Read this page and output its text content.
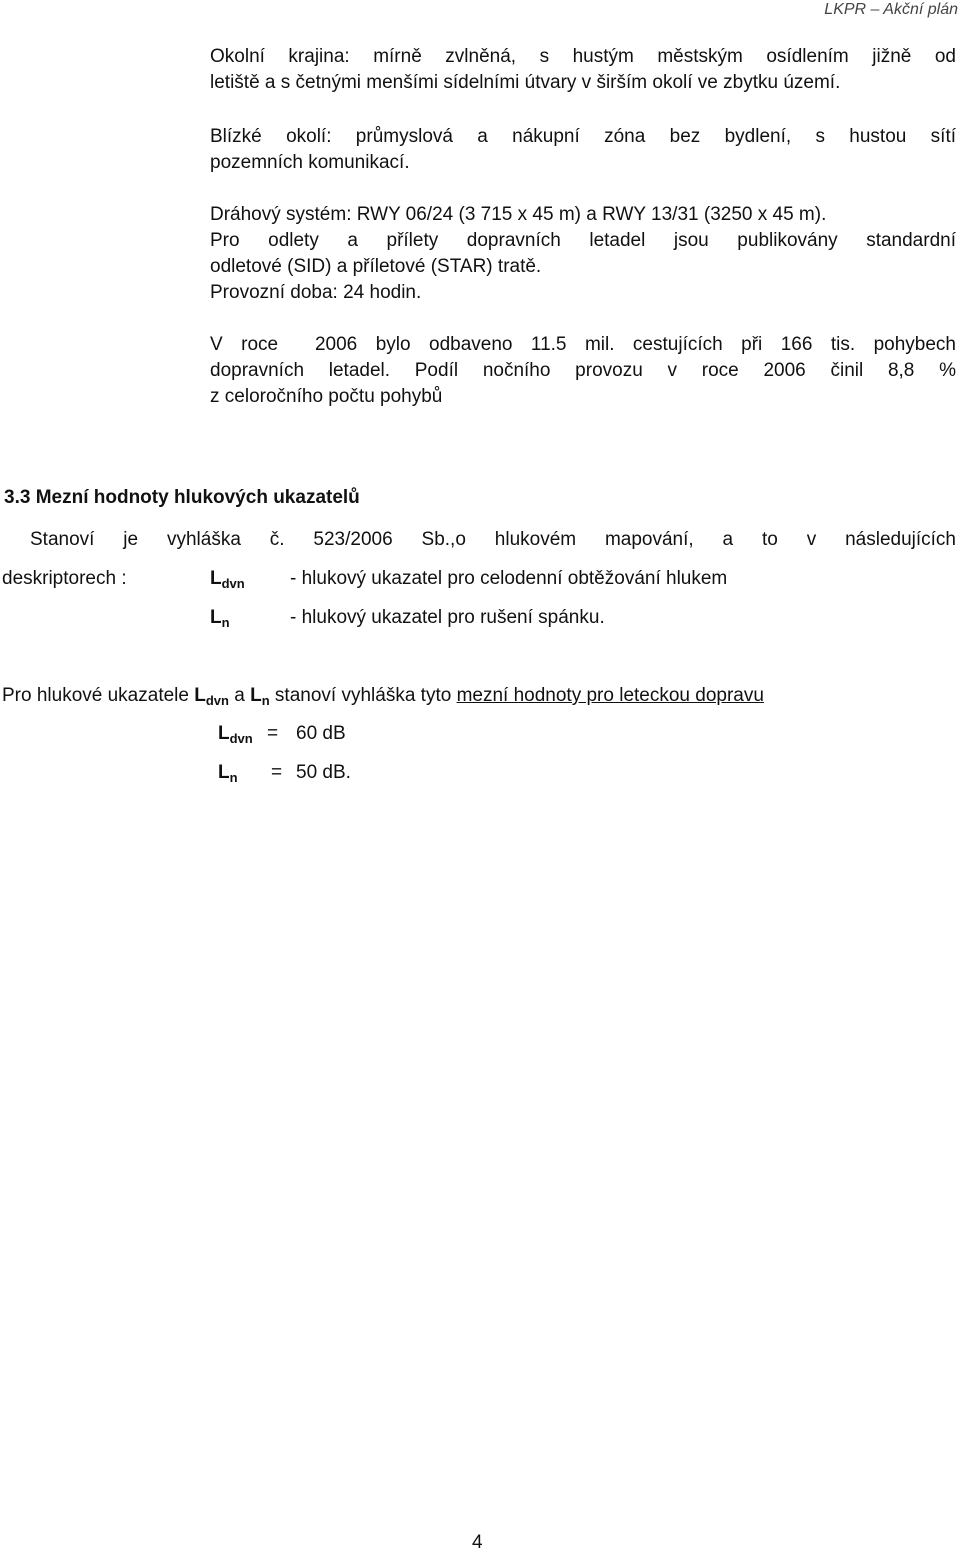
LKPR – Akční plán
Okolní krajina: mírně zvlněná, s hustým městským osídlením jižně od
letiště a s četnými menšími sídelními útvary v širším okolí ve zbytku území.
Blízké okolí: průmyslová a nákupní zóna bez bydlení, s hustou sítí
pozemních komunikací.
Dráhový systém: RWY 06/24 (3 715 x 45 m) a RWY 13/31 (3250 x 45 m).
Pro odlety a přílety dopravních letadel jsou publikovány standardní
odletové (SID) a příletové (STAR) tratě.
Provozní doba: 24 hodin.
V roce  2006 bylo odbaveno 11.5 mil. cestujících při 166 tis. pohybech
dopravních letadel. Podíl nočního provozu v roce 2006 činil 8,8 %
z celoročního počtu pohybů
3.3 Mezní hodnoty hlukových ukazatelů
Stanoví je vyhláška č. 523/2006 Sb.,o hlukovém mapování, a to v následujících
deskriptorech :	$L_{dvn}$ - hlukový ukazatel pro celodenní obtěžování hlukem
$L_n$	- hlukový ukazatel pro rušení spánku.
Pro hlukové ukazatele $L_{dvn}$ a $L_n$ stanoví vyhláška tyto mezní hodnoty pro leteckou dopravu
$L_{dvn} = 60$ dB
$L_n = 50$ dB.
4
